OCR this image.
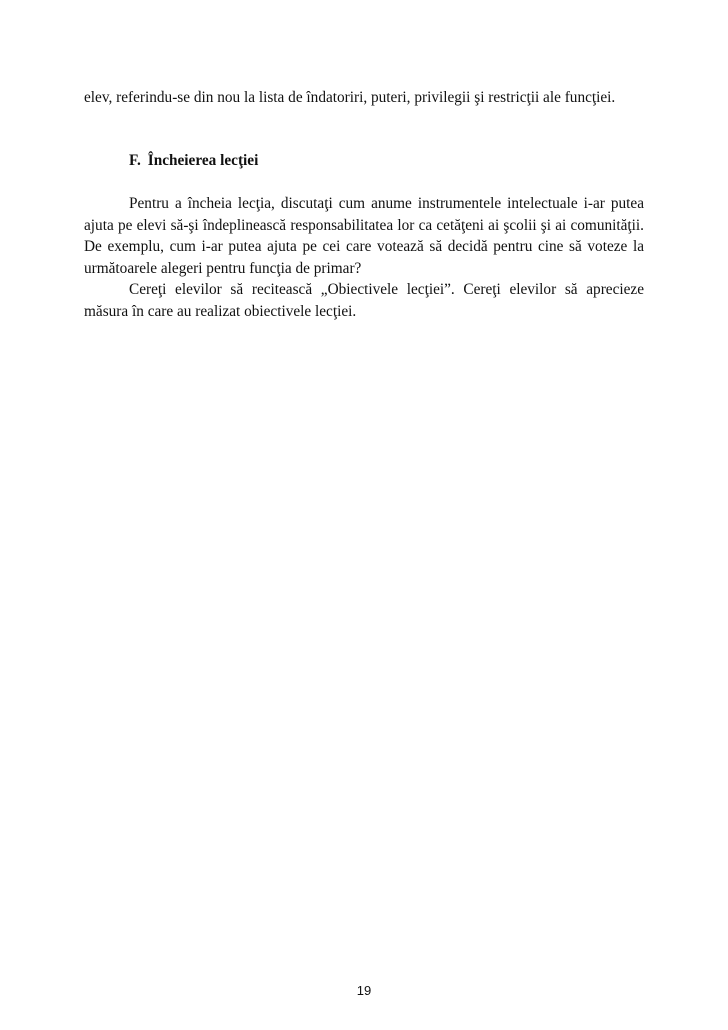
elev, referindu-se din nou la lista de îndatoriri, puteri, privilegii şi restricţii ale funcţiei.

F. Încheierea lecţiei

Pentru a încheia lecţia, discutaţi cum anume instrumentele intelectuale i-ar putea ajuta pe elevi să-şi îndeplinească responsabilitatea lor ca cetăţeni ai şcolii şi ai comunităţii. De exemplu, cum i-ar putea ajuta pe cei care votează să decidă pentru cine să voteze la următoarele alegeri pentru funcţia de primar?

Cereţi elevilor să recitească „Obiectivele lecţiei”. Cereţi elevilor să aprecieze măsura în care au realizat obiectivele lecţiei.

19
